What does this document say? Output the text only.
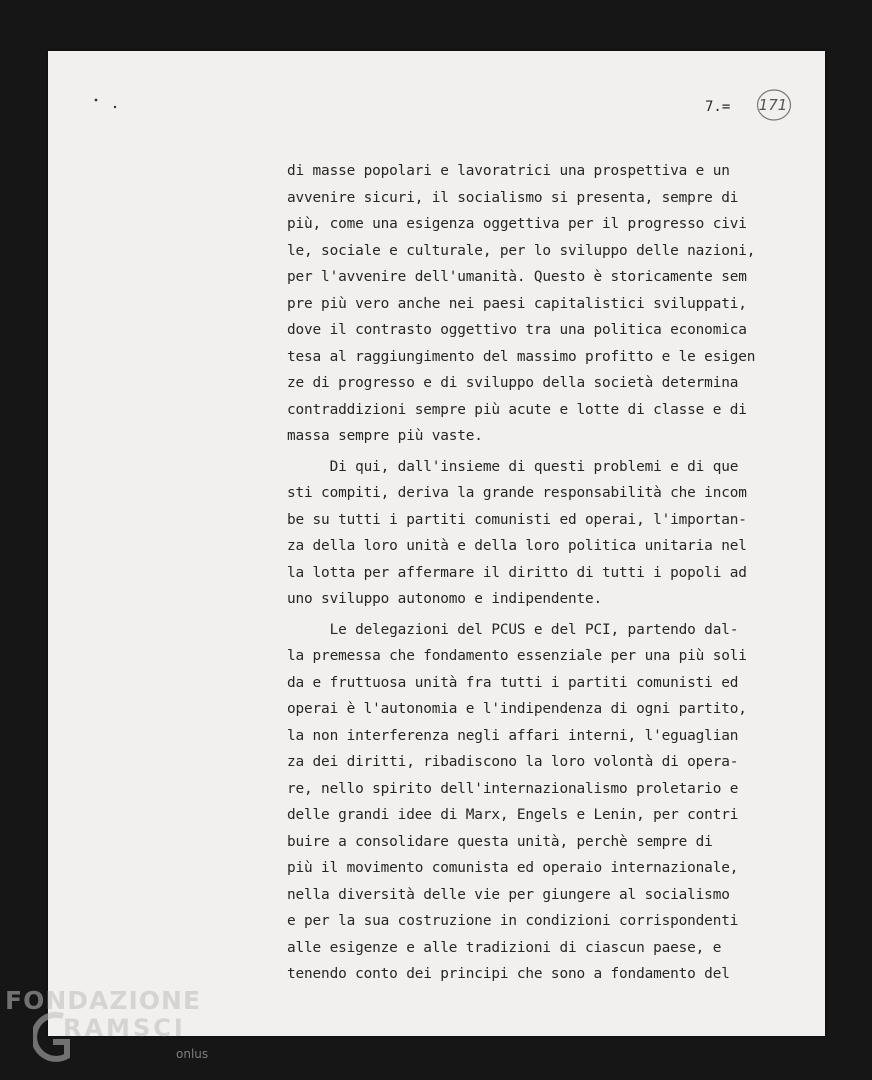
7.= 171
di masse popolari e lavoratrici una prospettiva e un
avvenire sicuri, il socialismo si presenta, sempre di
più, come una esigenza oggettiva per il progresso civi
le, sociale e culturale, per lo sviluppo delle nazioni,
per l'avvenire dell'umanità. Questo è storicamente sem
pre più vero anche nei paesi capitalistici sviluppati,
dove il contrasto oggettivo tra una politica economica
tesa al raggiungimento del massimo profitto e le esigen
ze di progresso e di sviluppo della società determina
contraddizioni sempre più acute e lotte di classe e di
massa sempre più vaste.
Di qui, dall'insieme di questi problemi e di que
sti compiti, deriva la grande responsabilità che incom
be su tutti i partiti comunisti ed operai, l'importan-
za della loro unità e della loro politica unitaria nel
la lotta per affermare il diritto di tutti i popoli ad
uno sviluppo autonomo e indipendente.
Le delegazioni del PCUS e del PCI, partendo dal-
la premessa che fondamento essenziale per una più soli
da e fruttuosa unità fra tutti i partiti comunisti ed
operai è l'autonomia e l'indipendenza di ogni partito,
la non interferenza negli affari interni, l'eguaglian
za dei diritti, ribadiscono la loro volontà di opera-
re, nello spirito dell'internazionalismo proletario e
delle grandi idee di Marx, Engels e Lenin, per contri
buire a consolidare questa unità, perchè sempre di
più il movimento comunista ed operaio internazionale,
nella diversità delle vie per giungere al socialismo
e per la sua costruzione in condizioni corrispondenti
alle esigenze e alle tradizioni di ciascun paese, e
tenendo conto dei principi che sono a fondamento del
FONDAZIONE
RAMSCI
onlus
